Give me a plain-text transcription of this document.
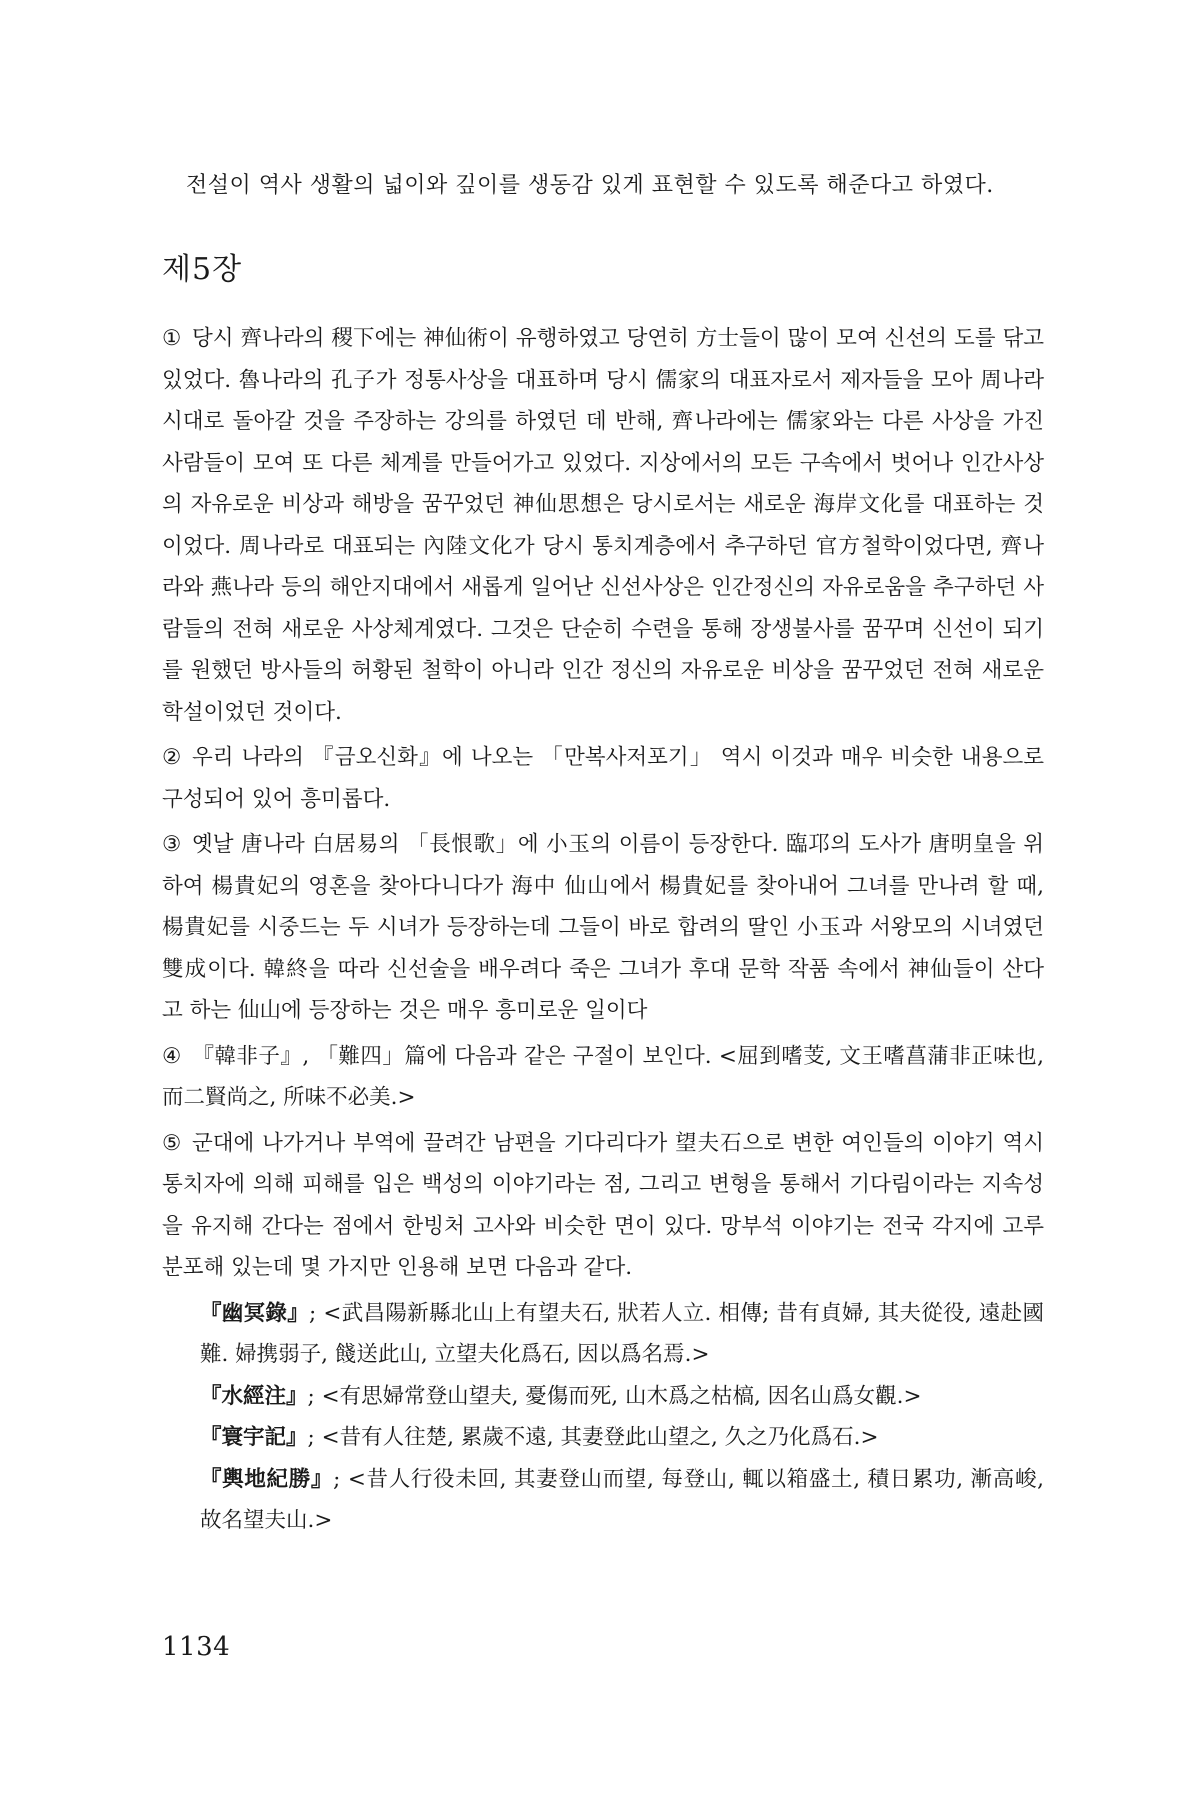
전설이 역사 생활의 넓이와 깊이를 생동감 있게 표현할 수 있도록 해준다고 하였다.
제5장

① 당시 齊나라의 稷下에는 神仙術이 유행하였고 당연히 方士들이 많이 모여 신선의 도를 닦고 있었다. 魯나라의 孔子가 정통사상을 대표하며 당시 儒家의 대표자로서 제자들을 모아 周나라 시대로 돌아갈 것을 주장하는 강의를 하였던 데 반해, 齊나라에는 儒家와는 다른 사상을 가진 사람들이 모여 또 다른 체계를 만들어가고 있었다. 지상에서의 모든 구속에서 벗어나 인간사상의 자유로운 비상과 해방을 꿈꾸었던 神仙思想은 당시로서는 새로운 海岸文化를 대표하는 것이었다. 周나라로 대표되는 內陸文化가 당시 통치계층에서 추구하던 官方철학이었다면, 齊나라와 燕나라 등의 해안지대에서 새롭게 일어난 신선사상은 인간정신의 자유로움을 추구하던 사람들의 전혀 새로운 사상체계였다. 그것은 단순히 수련을 통해 장생불사를 꿈꾸며 신선이 되기를 원했던 방사들의 허황된 철학이 아니라 인간 정신의 자유로운 비상을 꿈꾸었던 전혀 새로운 학설이었던 것이다.

② 우리 나라의 『금오신화』에 나오는 「만복사저포기」 역시 이것과 매우 비슷한 내용으로 구성되어 있어 흥미롭다.

③ 옛날 唐나라 白居易의 「長恨歌」에 小玉의 이름이 등장한다. 臨邛의 도사가 唐明皇을 위하여 楊貴妃의 영혼을 찾아다니다가 海中 仙山에서 楊貴妃를 찾아내어 그녀를 만나려 할 때, 楊貴妃를 시중드는 두 시녀가 등장하는데 그들이 바로 합려의 딸인 小玉과 서왕모의 시녀였던 雙成이다. 韓終을 따라 신선술을 배우려다 죽은 그녀가 후대 문학 작품 속에서 神仙들이 산다고 하는 仙山에 등장하는 것은 매우 흥미로운 일이다

④ 『韓非子』, 「難四」篇에 다음과 같은 구절이 보인다. <屈到嗜芰, 文王嗜菖蒲非正味也, 而二賢尚之, 所味不必美.>

⑤ 군대에 나가거나 부역에 끌려간 남편을 기다리다가 望夫石으로 변한 여인들의 이야기 역시 통치자에 의해 피해를 입은 백성의 이야기라는 점, 그리고 변형을 통해서 기다림이라는 지속성을 유지해 간다는 점에서 한빙처 고사와 비슷한 면이 있다. 망부석 이야기는 전국 각지에 고루 분포해 있는데 몇 가지만 인용해 보면 다음과 같다.

『幽冥錄』; <武昌陽新縣北山上有望夫石, 狀若人立. 相傳; 昔有貞婦, 其夫從役, 遠赴國難. 婦携弱子, 餞送此山, 立望夫化爲石, 因以爲名焉.>

『水經注』; <有思婦常登山望夫, 憂傷而死, 山木爲之枯槁, 因名山爲女觀.>

『寰宇記』; <昔有人往楚, 累歲不遠, 其妻登此山望之, 久之乃化爲石.>

『輿地紀勝』; <昔人行役未回, 其妻登山而望, 每登山, 輒以箱盛土, 積日累功, 漸高峻, 故名望夫山.>

1134
